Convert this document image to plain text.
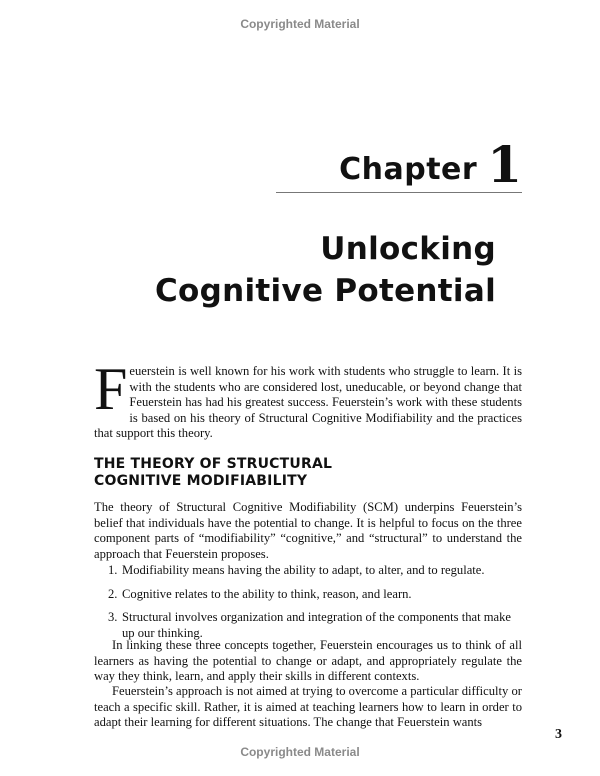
Copyrighted Material
Chapter 1
Unlocking
Cognitive Potential
Feuerstein is well known for his work with students who struggle to learn. It is with the students who are considered lost, uneducable, or beyond change that Feuerstein has had his greatest success. Feuerstein’s work with these students is based on his theory of Structural Cognitive Modifiability and the practices that support this theory.
THE THEORY OF STRUCTURAL
COGNITIVE MODIFIABILITY
The theory of Structural Cognitive Modifiability (SCM) underpins Feuerstein’s belief that individuals have the potential to change. It is helpful to focus on the three component parts of “modifiability” “cognitive,” and “structural” to understand the approach that Feuerstein proposes.
1. Modifiability means having the ability to adapt, to alter, and to regulate.
2. Cognitive relates to the ability to think, reason, and learn.
3. Structural involves organization and integration of the components that make up our thinking.
In linking these three concepts together, Feuerstein encourages us to think of all learners as having the potential to change or adapt, and appropriately regulate the way they think, learn, and apply their skills in different contexts.
Feuerstein’s approach is not aimed at trying to overcome a particular difficulty or teach a specific skill. Rather, it is aimed at teaching learners how to learn in order to adapt their learning for different situations. The change that Feuerstein wants
3
Copyrighted Material
